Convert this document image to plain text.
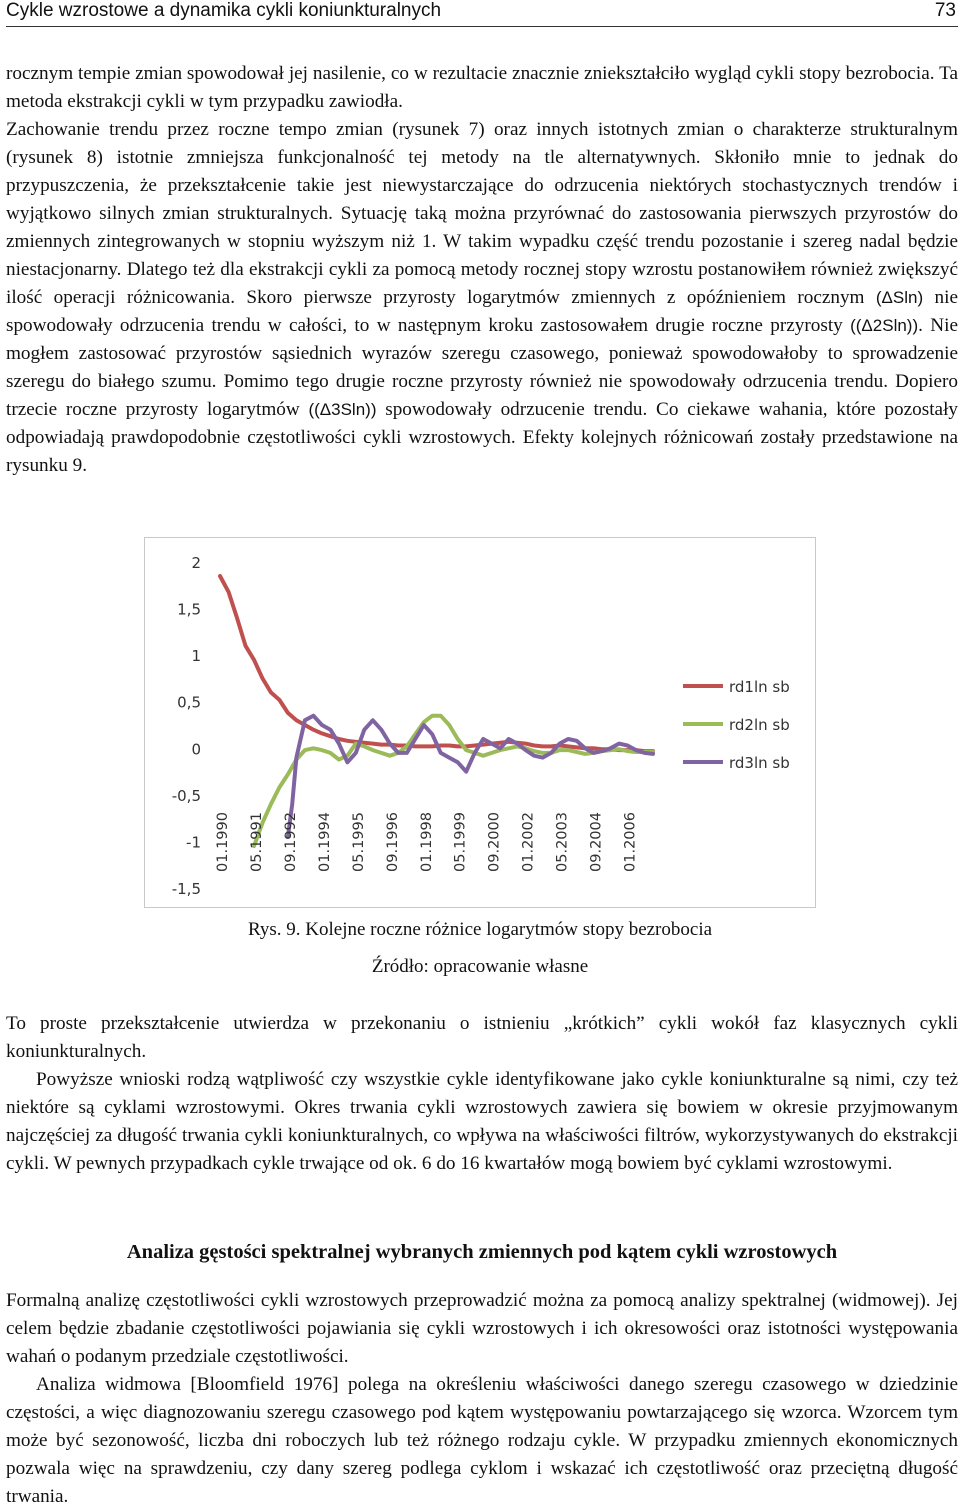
Cykle wzrostowe a dynamika cykli koniunkturalnych	73

rocznym tempie zmian spowodował jej nasilenie, co w rezultacie znacznie zniekształciło wygląd cykli stopy bezrobocia. Ta metoda ekstrakcji cykli w tym przypadku zawiodła.

Zachowanie trendu przez roczne tempo zmian (rysunek 7) oraz innych istotnych zmian o charakterze strukturalnym (rysunek 8) istotnie zmniejsza funkcjonalność tej metody na tle alternatywnych. Skłoniło mnie to jednak do przypuszczenia, że przekształcenie takie jest niewystarczające do odrzucenia niektórych stochastycznych trendów i wyjątkowo silnych zmian strukturalnych. Sytuację taką można przyrównać do zastosowania pierwszych przyrostów do zmiennych zintegrowanych w stopniu wyższym niż 1. W takim wypadku część trendu pozostanie i szereg nadal będzie niestacjonarny. Dlatego też dla ekstrakcji cykli za pomocą metody rocznej stopy wzrostu postanowiłem również zwiększyć ilość operacji różnicowania. Skoro pierwsze przyrosty logarytmów zmiennych z opóźnieniem rocznym (ΔSln) nie spowodowały odrzucenia trendu w całości, to w następnym kroku zastosowałem drugie roczne przyrosty ((Δ2Sln)). Nie mogłem zastosować przyrostów sąsiednich wyrazów szeregu czasowego, ponieważ spowodowałoby to sprowadzenie szeregu do białego szumu. Pomimo tego drugie roczne przyrosty również nie spowodowały odrzucenia trendu. Dopiero trzecie roczne przyrosty logarytmów ((Δ3Sln)) spowodowały odrzucenie trendu. Co ciekawe wahania, które pozostały odpowiadają prawdopodobnie częstotliwości cykli wzrostowych. Efekty kolejnych różnicowań zostały przedstawione na rysunku 9.

2
1,5
1
0,5
0
-0,5
-1
-1,5
01.1990 05.1991 09.1992 01.1994 05.1995 09.1996 01.1998 05.1999 09.2000 01.2002 05.2003 09.2004 01.2006
rd1ln sb
rd2ln sb
rd3ln sb
Rys. 9. Kolejne roczne różnice logarytmów stopy bezrobocia
Źródło: opracowanie własne

To proste przekształcenie utwierdza w przekonaniu o istnieniu „krótkich” cykli wokół faz klasycznych cykli koniunkturalnych.

Powyższe wnioski rodzą wątpliwość czy wszystkie cykle identyfikowane jako cykle koniunkturalne są nimi, czy też niektóre są cyklami wzrostowymi. Okres trwania cykli wzrostowych zawiera się bowiem w okresie przyjmowanym najczęściej za długość trwania cykli koniunkturalnych, co wpływa na właściwości filtrów, wykorzystywanych do ekstrakcji cykli. W pewnych przypadkach cykle trwające od ok. 6 do 16 kwartałów mogą bowiem być cyklami wzrostowymi.

Analiza gęstości spektralnej wybranych zmiennych pod kątem cykli wzrostowych

Formalną analizę częstotliwości cykli wzrostowych przeprowadzić można za pomocą analizy spektralnej (widmowej). Jej celem będzie zbadanie częstotliwości pojawiania się cykli wzrostowych i ich okresowości oraz istotności występowania wahań o podanym przedziale częstotliwości.

Analiza widmowa [Bloomfield 1976] polega na określeniu właściwości danego szeregu czasowego w dziedzinie częstości, a więc diagnozowaniu szeregu czasowego pod kątem występowaniu powtarzającego się wzorca. Wzorcem tym może być sezonowość, liczba dni roboczych lub też różnego rodzaju cykle. W przypadku zmiennych ekonomicznych pozwala więc na sprawdzeniu, czy dany szereg podlega cyklom i wskazać ich częstotliwość oraz przeciętną długość trwania.
